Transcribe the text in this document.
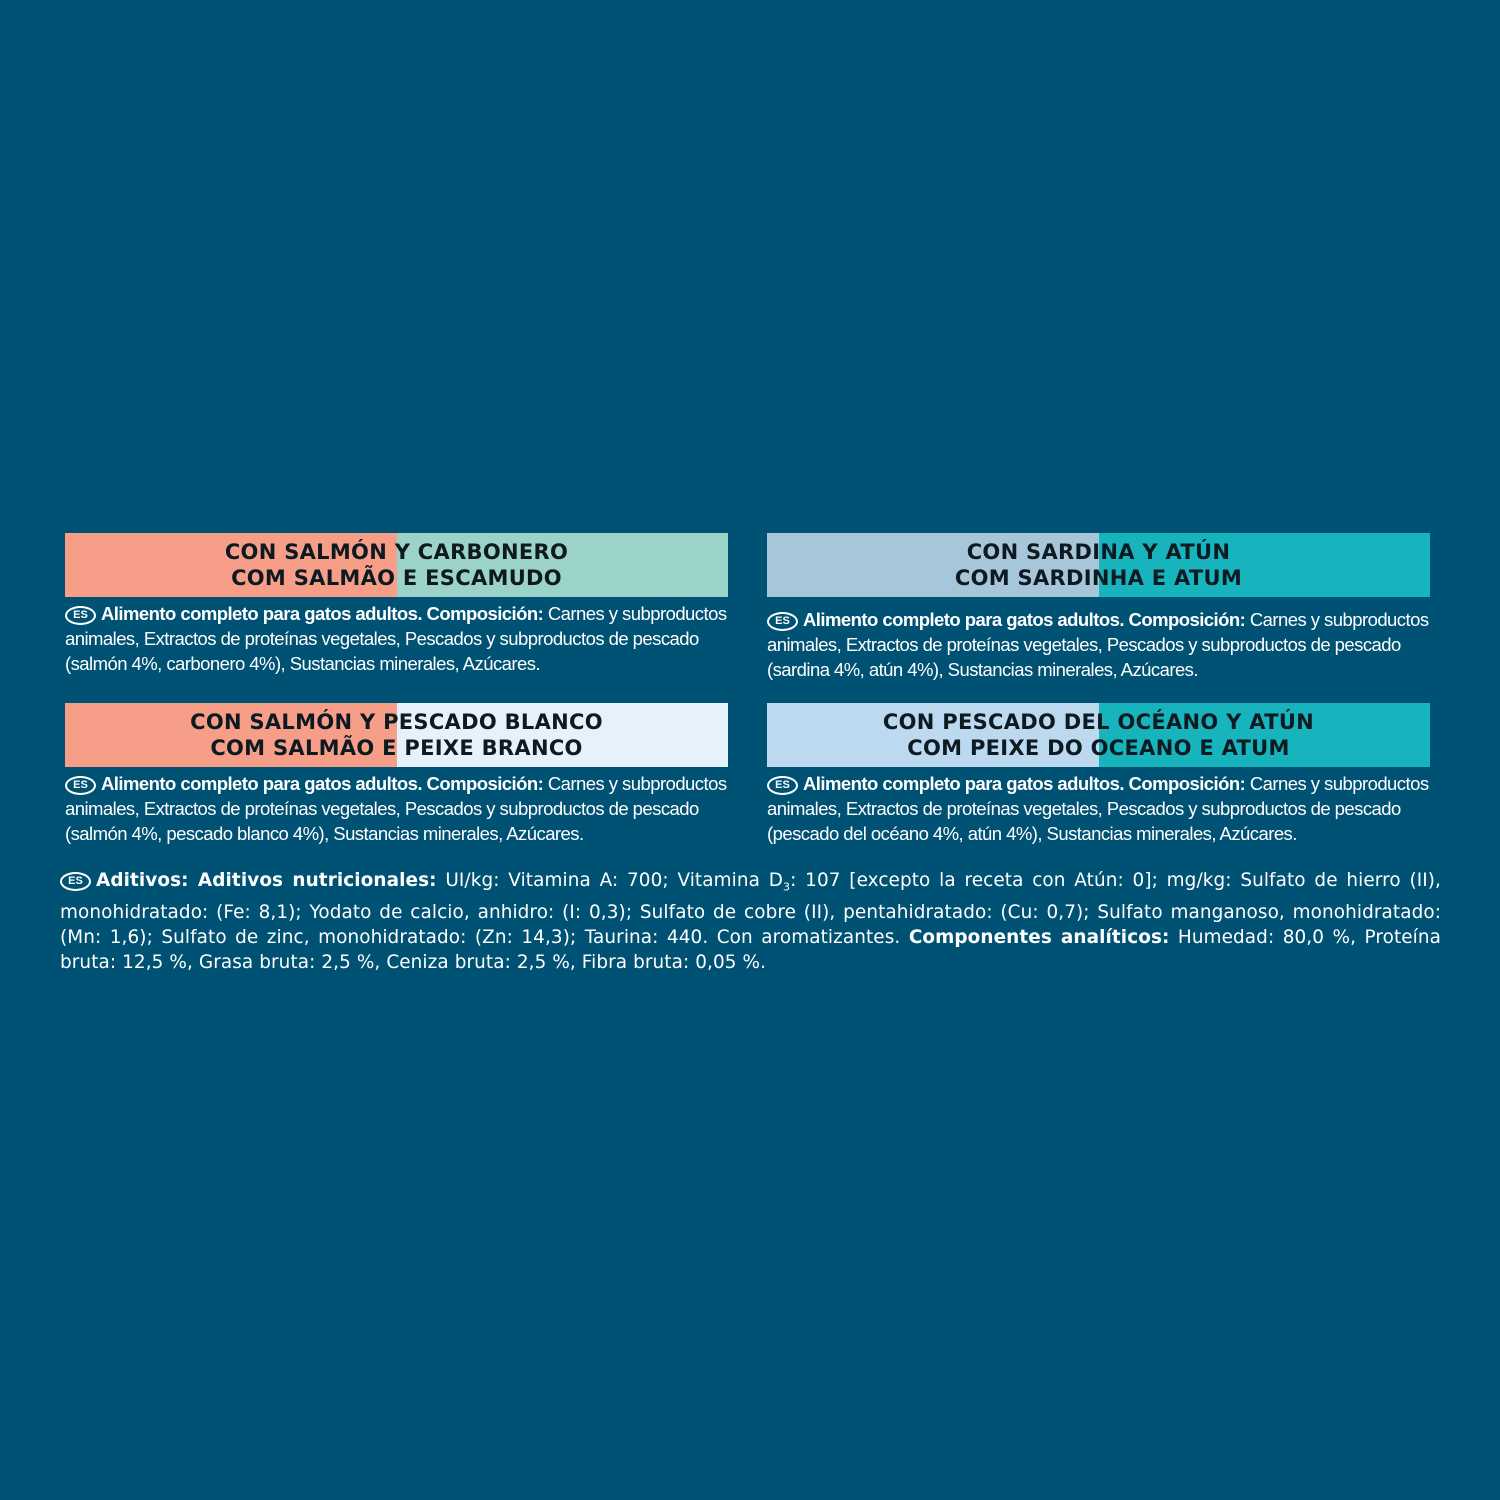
CON SALMÓN Y CARBONERO
COM SALMÃO E ESCAMUDO
ES Alimento completo para gatos adultos. Composición: Carnes y subproductos
animales, Extractos de proteínas vegetales, Pescados y subproductos de pescado
(salmón 4%, carbonero 4%), Sustancias minerales, Azúcares.
CON SARDINA Y ATÚN
COM SARDINHA E ATUM
ES Alimento completo para gatos adultos. Composición: Carnes y subproductos
animales, Extractos de proteínas vegetales, Pescados y subproductos de pescado
(sardina 4%, atún 4%), Sustancias minerales, Azúcares.
CON SALMÓN Y PESCADO BLANCO
COM SALMÃO E PEIXE BRANCO
ES Alimento completo para gatos adultos. Composición: Carnes y subproductos
animales, Extractos de proteínas vegetales, Pescados y subproductos de pescado
(salmón 4%, pescado blanco 4%), Sustancias minerales, Azúcares.
CON PESCADO DEL OCÉANO Y ATÚN
COM PEIXE DO OCEANO E ATUM
ES Alimento completo para gatos adultos. Composición: Carnes y subproductos
animales, Extractos de proteínas vegetales, Pescados y subproductos de pescado
(pescado del océano 4%, atún 4%), Sustancias minerales, Azúcares.
ES Aditivos: Aditivos nutricionales: UI/kg: Vitamina A: 700; Vitamina $D_3$: 107 [excepto la receta con Atún: 0]; mg/kg: Sulfato de hierro (II), monohidratado: (Fe: 8,1); Yodato de calcio, anhidro: (I: 0,3); Sulfato de cobre (II), pentahidratado: (Cu: 0,7); Sulfato manganoso, monohidratado: (Mn: 1,6); Sulfato de zinc, monohidratado: (Zn: 14,3); Taurina: 440. Con aromatizantes. Componentes analíticos: Humedad: 80,0 %, Proteína bruta: 12,5 %, Grasa bruta: 2,5 %, Ceniza bruta: 2,5 %, Fibra bruta: 0,05 %.
